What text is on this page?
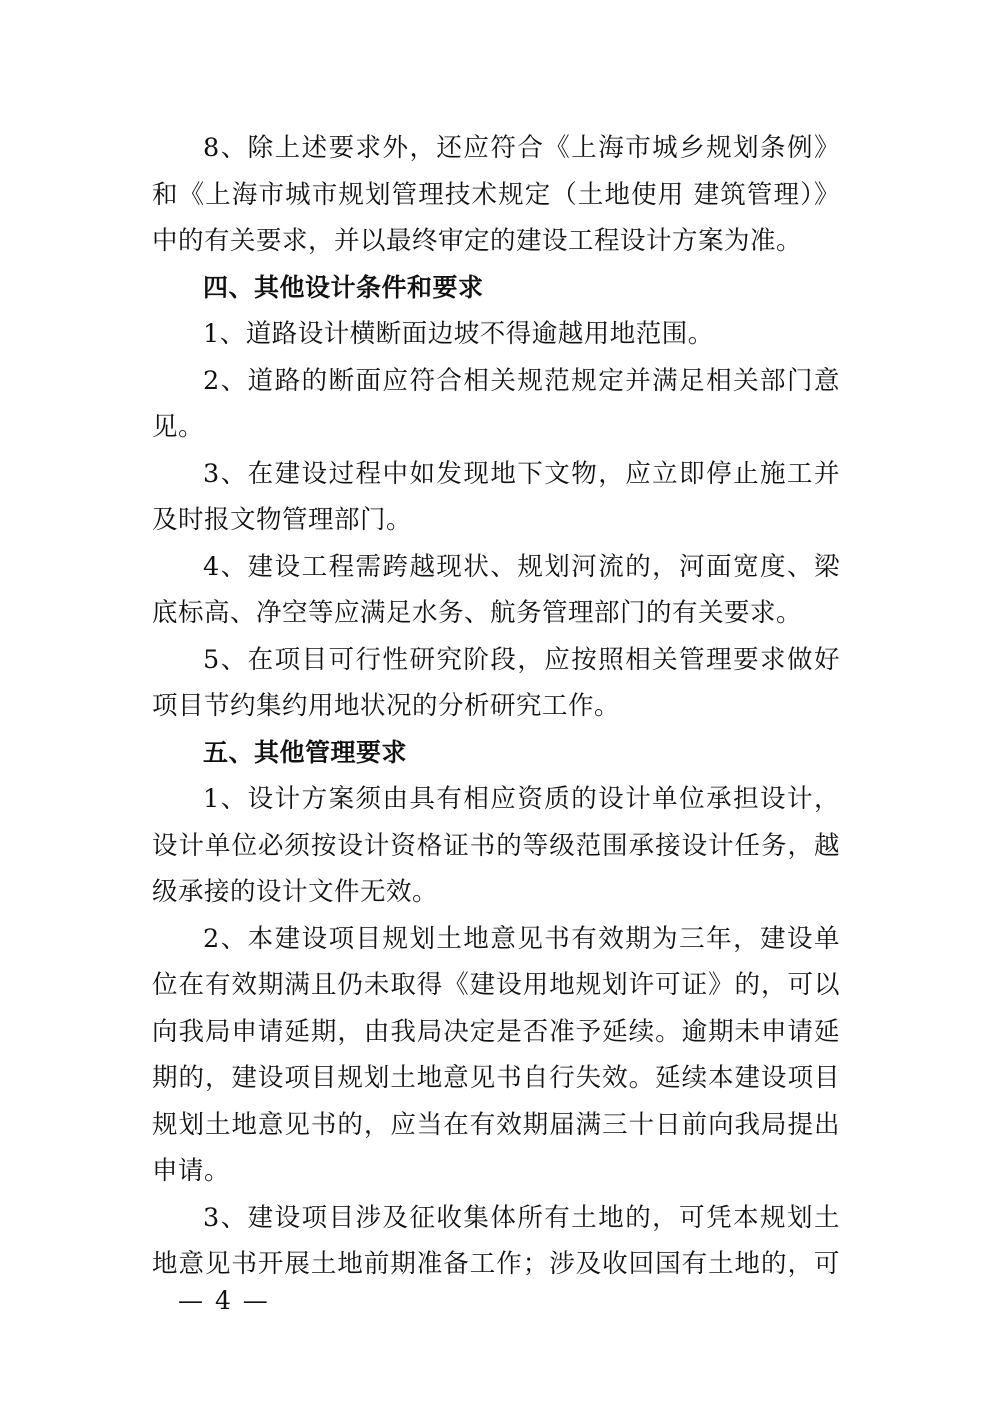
8、除上述要求外，还应符合《上海市城乡规划条例》
和《上海市城市规划管理技术规定（土地使用 建筑管理）》
中的有关要求，并以最终审定的建设工程设计方案为准。
四、其他设计条件和要求
1、道路设计横断面边坡不得逾越用地范围。
2、道路的断面应符合相关规范规定并满足相关部门意
见。
3、在建设过程中如发现地下文物，应立即停止施工并
及时报文物管理部门。
4、建设工程需跨越现状、规划河流的，河面宽度、梁
底标高、净空等应满足水务、航务管理部门的有关要求。
5、在项目可行性研究阶段，应按照相关管理要求做好
项目节约集约用地状况的分析研究工作。
五、其他管理要求
1、设计方案须由具有相应资质的设计单位承担设计，
设计单位必须按设计资格证书的等级范围承接设计任务，越
级承接的设计文件无效。
2、本建设项目规划土地意见书有效期为三年，建设单
位在有效期满且仍未取得《建设用地规划许可证》的，可以
向我局申请延期，由我局决定是否准予延续。逾期未申请延
期的，建设项目规划土地意见书自行失效。延续本建设项目
规划土地意见书的，应当在有效期届满三十日前向我局提出
申请。
3、建设项目涉及征收集体所有土地的，可凭本规划土
地意见书开展土地前期准备工作；涉及收回国有土地的，可
— 4 —
